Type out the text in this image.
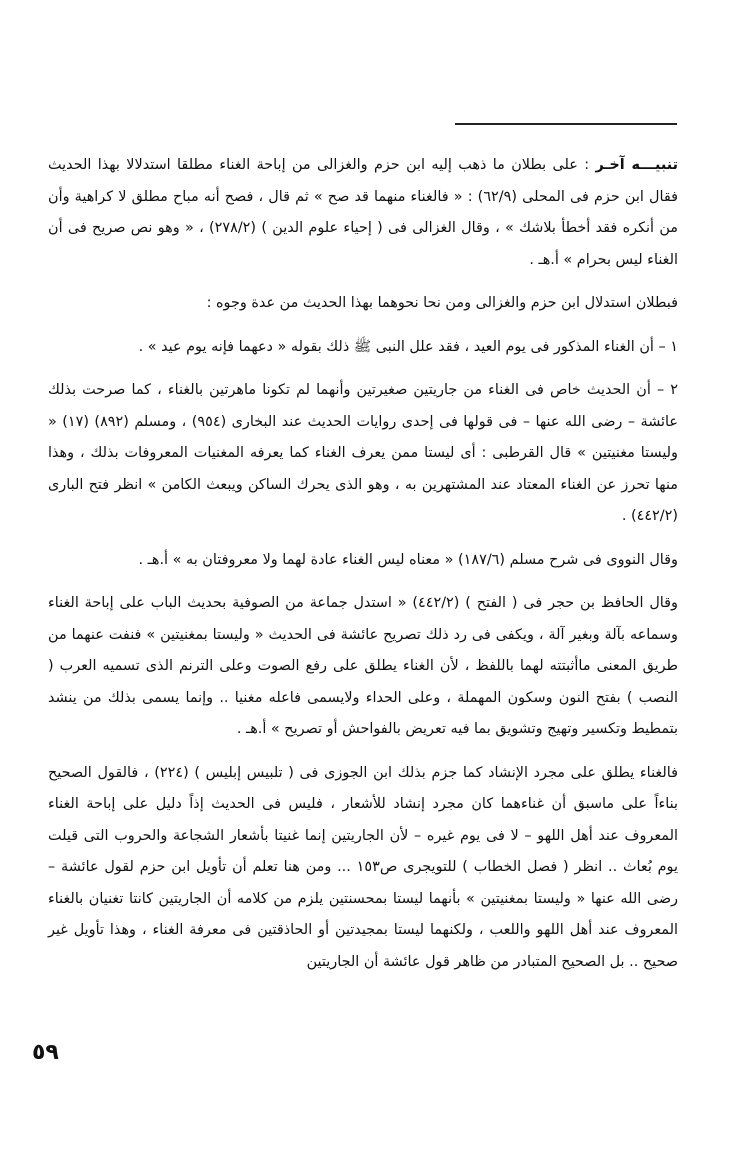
تنبيـــه آخـر : على بطلان ما ذهب إليه ابن حزم والغزالى من إباحة الغناء مطلقا استدلالا بهذا الحديث فقال ابن حزم فى المحلى (٦٢/٩) : « فالغناء منهما قد صح » ثم قال ، فصح أنه مباح مطلق لا كراهية وأن من أنكره فقد أخطأ بلاشك » ، وقال الغزالى فى ( إحياء علوم الدين ) (٢٧٨/٢) ، « وهو نص صريح فى أن الغناء ليس بحرام » أ.هـ .

فبطلان استدلال ابن حزم والغزالى ومن نحا نحوهما بهذا الحديث من عدة وجوه :

١ – أن الغناء المذكور فى يوم العيد ، فقد علل النبى ﷺ ذلك بقوله « دعهما فإنه يوم عيد » .

٢ – أن الحديث خاص فى الغناء من جاريتين صغيرتين وأنهما لم تكونا ماهرتين بالغناء ، كما صرحت بذلك عائشة – رضى الله عنها – فى قولها فى إحدى روايات الحديث عند البخارى (٩٥٤) ، ومسلم (٨٩٢) (١٧) « وليستا مغنيتين » قال القرطبى : أى ليستا ممن يعرف الغناء كما يعرفه المغنيات المعروفات بذلك ، وهذا منها تحرز عن الغناء المعتاد عند المشتهرين به ، وهو الذى يحرك الساكن ويبعث الكامن » انظر فتح البارى (٤٤٢/٢) .

وقال النووى فى شرح مسلم (١٨٧/٦) « معناه ليس الغناء عادة لهما ولا معروفتان به » أ.هـ .

وقال الحافظ بن حجر فى ( الفتح ) (٤٤٢/٢) « استدل جماعة من الصوفية بحديث الباب على إباحة الغناء وسماعه بآلة وبغير آلة ، ويكفى فى رد ذلك تصريح عائشة فى الحديث « وليستا بمغنيتين » فنفت عنهما من طريق المعنى ماأثبتته لهما باللفظ ، لأن الغناء يطلق على رفع الصوت وعلى الترنم الذى تسميه العرب ( النصب ) بفتح النون وسكون المهملة ، وعلى الحداء ولايسمى فاعله مغنيا .. وإنما يسمى بذلك من ينشد بتمطيط وتكسير وتهيج وتشويق بما فيه تعريض بالفواحش أو تصريح » أ.هـ .

فالغناء يطلق على مجرد الإنشاد كما جزم بذلك ابن الجوزى فى ( تلبيس إبليس ) (٢٢٤) ، فالقول الصحيح بناءاً على ماسبق أن غناءهما كان مجرد إنشاد للأشعار ، فليس فى الحديث إذاً دليل على إباحة الغناء المعروف عند أهل اللهو – لا فى يوم غيره – لأن الجاريتين إنما غنيتا بأشعار الشجاعة والحروب التى قيلت يوم بُعاث .. انظر ( فصل الخطاب ) للتويجرى ص١٥٣ ... ومن هنا تعلم أن تأويل ابن حزم لقول عائشة – رضى الله عنها « وليستا بمغنيتين » بأنهما ليستا بمحسنتين يلزم من كلامه أن الجاريتين كانتا تغنيان بالغناء المعروف عند أهل اللهو واللعب ، ولكنهما ليستا بمجيدتين أو الحاذقتين فى معرفة الغناء ، وهذا تأويل غير صحيح .. بل الصحيح المتبادر من ظاهر قول عائشة أن الجاريتين

٥٩
